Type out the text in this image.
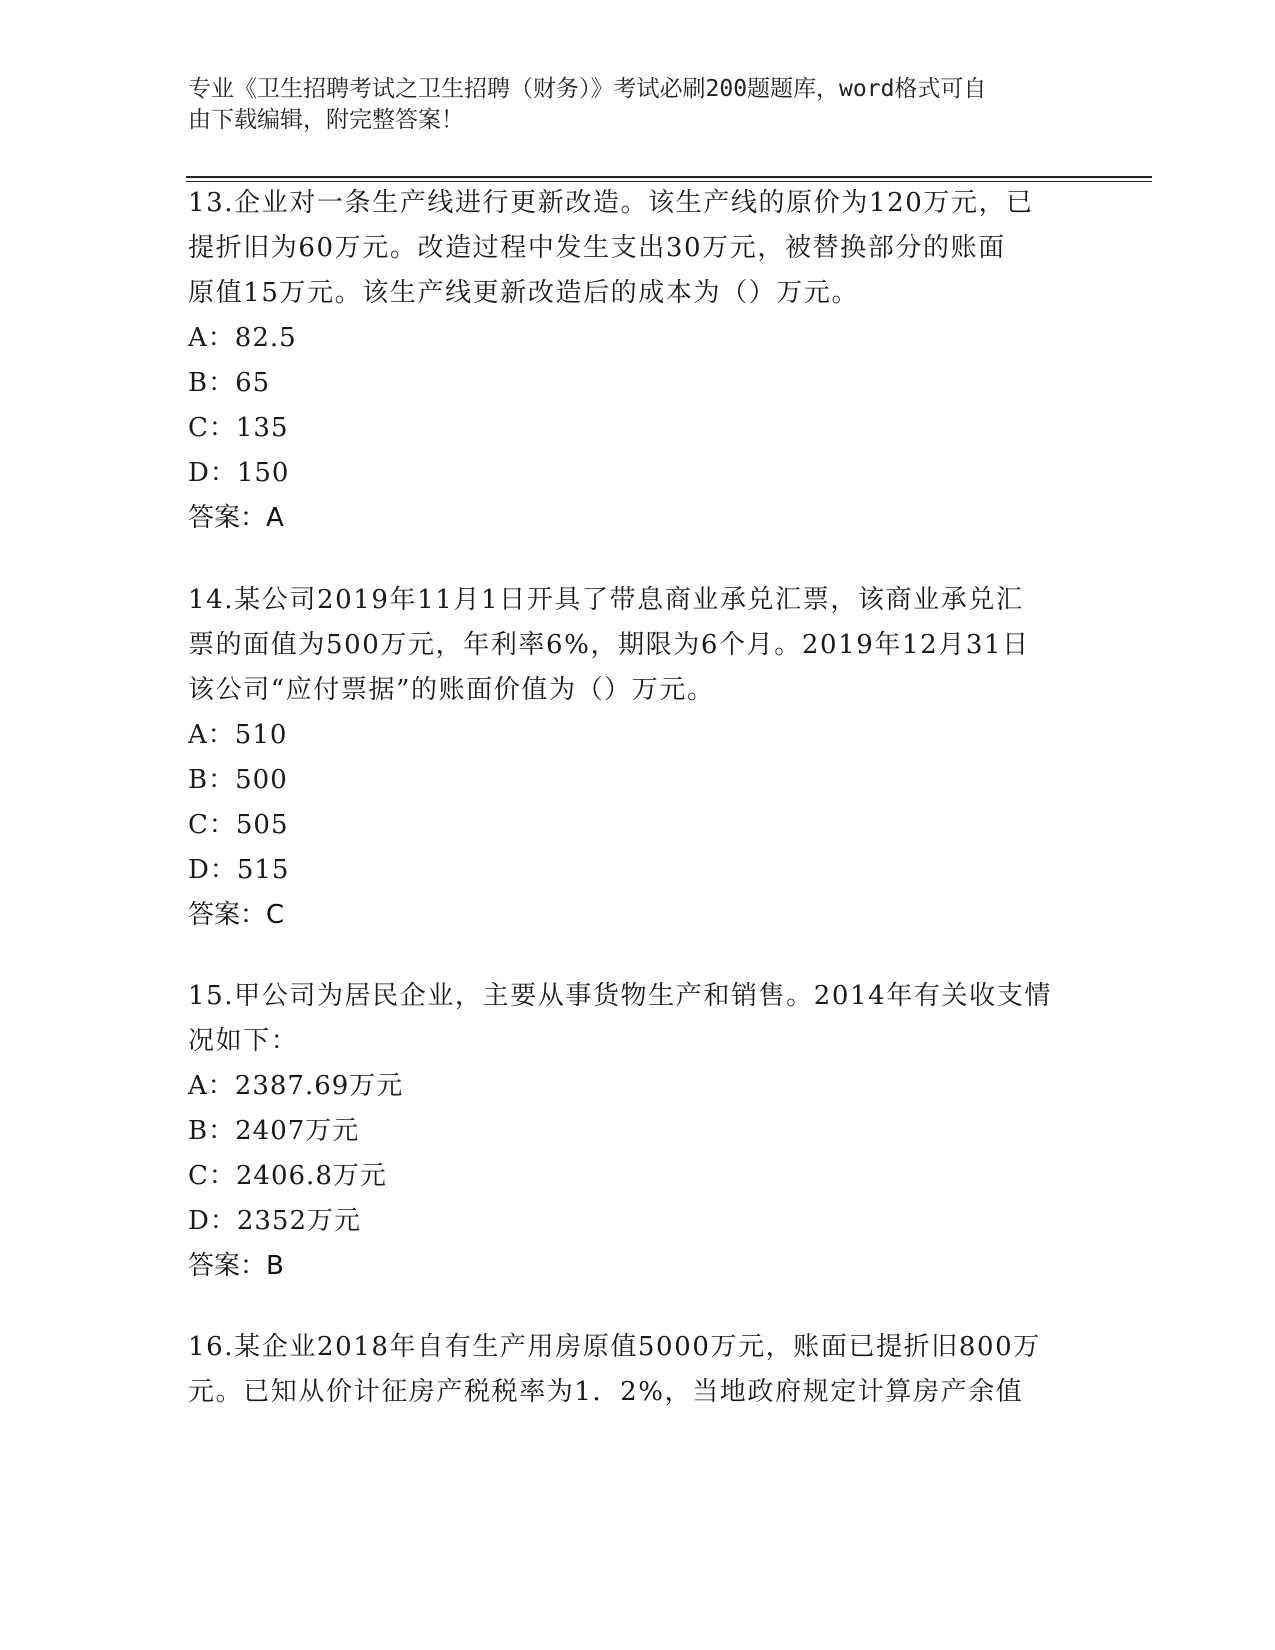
专业《卫生招聘考试之卫生招聘（财务）》考试必刷200题题库，word格式可自
由下载编辑，附完整答案！

13.企业对一条生产线进行更新改造。该生产线的原价为120万元，已

提折旧为60万元。改造过程中发生支出30万元，被替换部分的账面

原值15万元。该生产线更新改造后的成本为（）万元。

A：82.5

B：65

C：135

D：150

答案：A

14.某公司2019年11月1日开具了带息商业承兑汇票，该商业承兑汇

票的面值为500万元，年利率6%，期限为6个月。2019年12月31日

该公司“应付票据”的账面价值为（）万元。

A：510

B：500

C：505

D：515

答案：C

15.甲公司为居民企业，主要从事货物生产和销售。2014年有关收支情

况如下：

A：2387.69万元

B：2407万元

C：2406.8万元

D：2352万元

答案：B

16.某企业2018年自有生产用房原值5000万元，账面已提折旧800万

元。已知从价计征房产税税率为1．2%，当地政府规定计算房产余值
